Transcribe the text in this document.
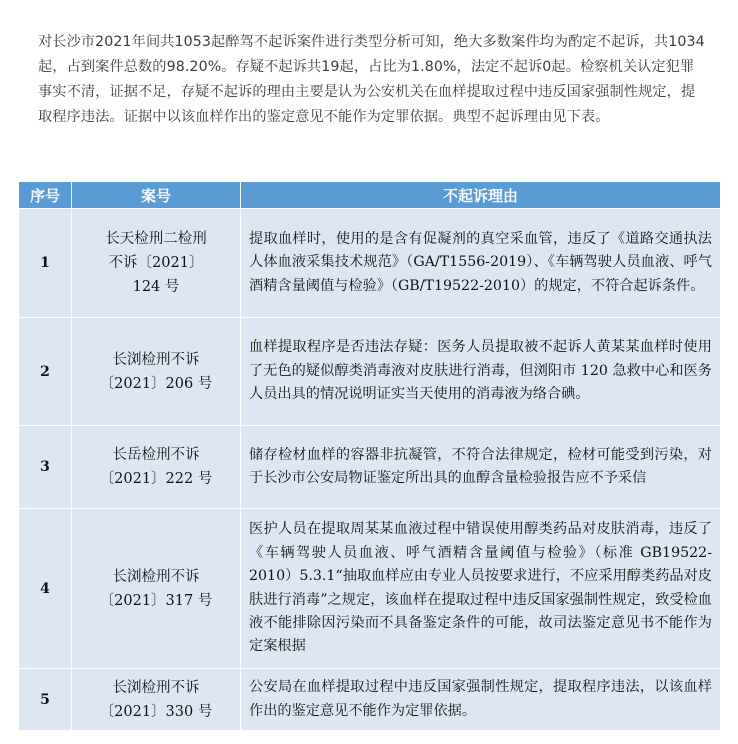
对长沙市2021年间共1053起醉驾不起诉案件进行类型分析可知，绝大多数案件均为酌定不起诉，共1034起，占到案件总数的98.20%。存疑不起诉共19起，占比为1.80%，法定不起诉0起。检察机关认定犯罪事实不清，证据不足，存疑不起诉的理由主要是认为公安机关在血样提取过程中违反国家强制性规定，提取程序违法。证据中以该血样作出的鉴定意见不能作为定罪依据。典型不起诉理由见下表。

序号	案号	不起诉理由
1	长天检刑二检刑
不诉〔2021〕
124 号	提取血样时，使用的是含有促凝剂的真空采血管，违反了《道路交通执法人体血液采集技术规范》（GA/T1556-2019）、《车辆驾驶人员血液、呼气酒精含量阈值与检验》（GB/T19522-2010）的规定，不符合起诉条件。
2	长浏检刑不诉
〔2021〕206 号	血样提取程序是否违法存疑：医务人员提取被不起诉人黄某某血样时使用了无色的疑似醇类消毒液对皮肤进行消毒，但浏阳市 120 急救中心和医务人员出具的情况说明证实当天使用的消毒液为络合碘。
3	长岳检刑不诉
〔2021〕222 号	储存检材血样的容器非抗凝管，不符合法律规定，检材可能受到污染，对于长沙市公安局物证鉴定所出具的血醇含量检验报告应不予采信
4	长浏检刑不诉
〔2021〕317 号	医护人员在提取周某某血液过程中错误使用醇类药品对皮肤消毒，违反了《车辆驾驶人员血液、呼气酒精含量阈值与检验》（标准 GB19522-2010）5.3.1“抽取血样应由专业人员按要求进行，不应采用醇类药品对皮肤进行消毒”之规定，该血样在提取过程中违反国家强制性规定，致受检血液不能排除因污染而不具备鉴定条件的可能，故司法鉴定意见书不能作为定案根据
5	长浏检刑不诉
〔2021〕330 号	公安局在血样提取过程中违反国家强制性规定，提取程序违法，以该血样作出的鉴定意见不能作为定罪依据。
